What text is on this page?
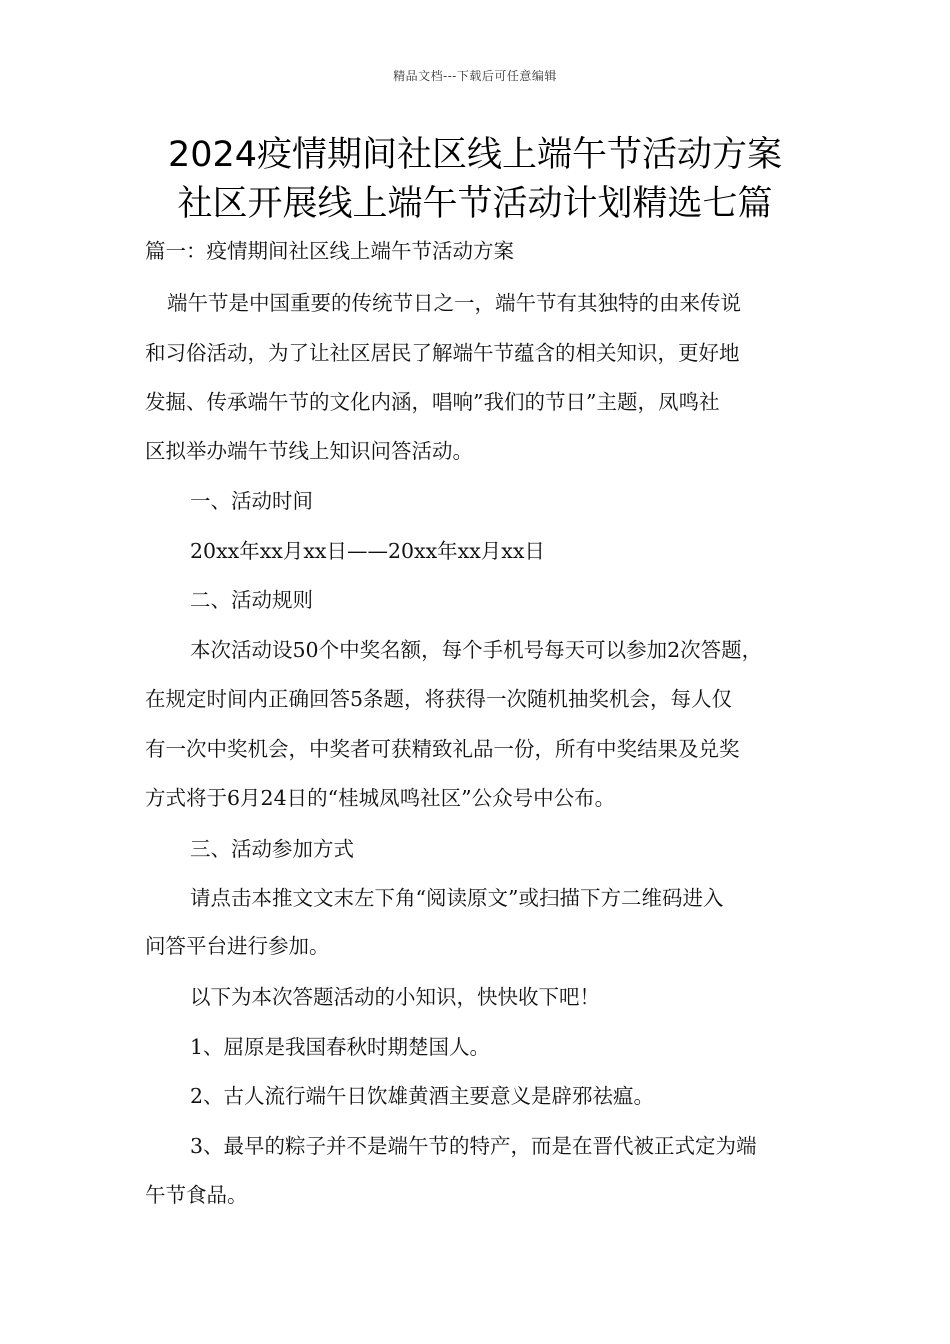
精品文档---下载后可任意编辑
2024疫情期间社区线上端午节活动方案
社区开展线上端午节活动计划精选七篇
篇一：疫情期间社区线上端午节活动方案
端午节是中国重要的传统节日之一，端午节有其独特的由来传说
和习俗活动，为了让社区居民了解端午节蕴含的相关知识，更好地
发掘、传承端午节的文化内涵，唱响”我们的节日”主题，凤鸣社
区拟举办端午节线上知识问答活动。
一、活动时间
20xx年xx月xx日——20xx年xx月xx日
二、活动规则
本次活动设50个中奖名额，每个手机号每天可以参加2次答题，
在规定时间内正确回答5条题，将获得一次随机抽奖机会，每人仅
有一次中奖机会，中奖者可获精致礼品一份，所有中奖结果及兑奖
方式将于6月24日的“桂城凤鸣社区”公众号中公布。
三、活动参加方式
请点击本推文文末左下角“阅读原文”或扫描下方二维码进入
问答平台进行参加。
以下为本次答题活动的小知识，快快收下吧！
1、屈原是我国春秋时期楚国人。
2、古人流行端午日饮雄黄酒主要意义是辟邪祛瘟。
3、最早的粽子并不是端午节的特产，而是在晋代被正式定为端
午节食品。
